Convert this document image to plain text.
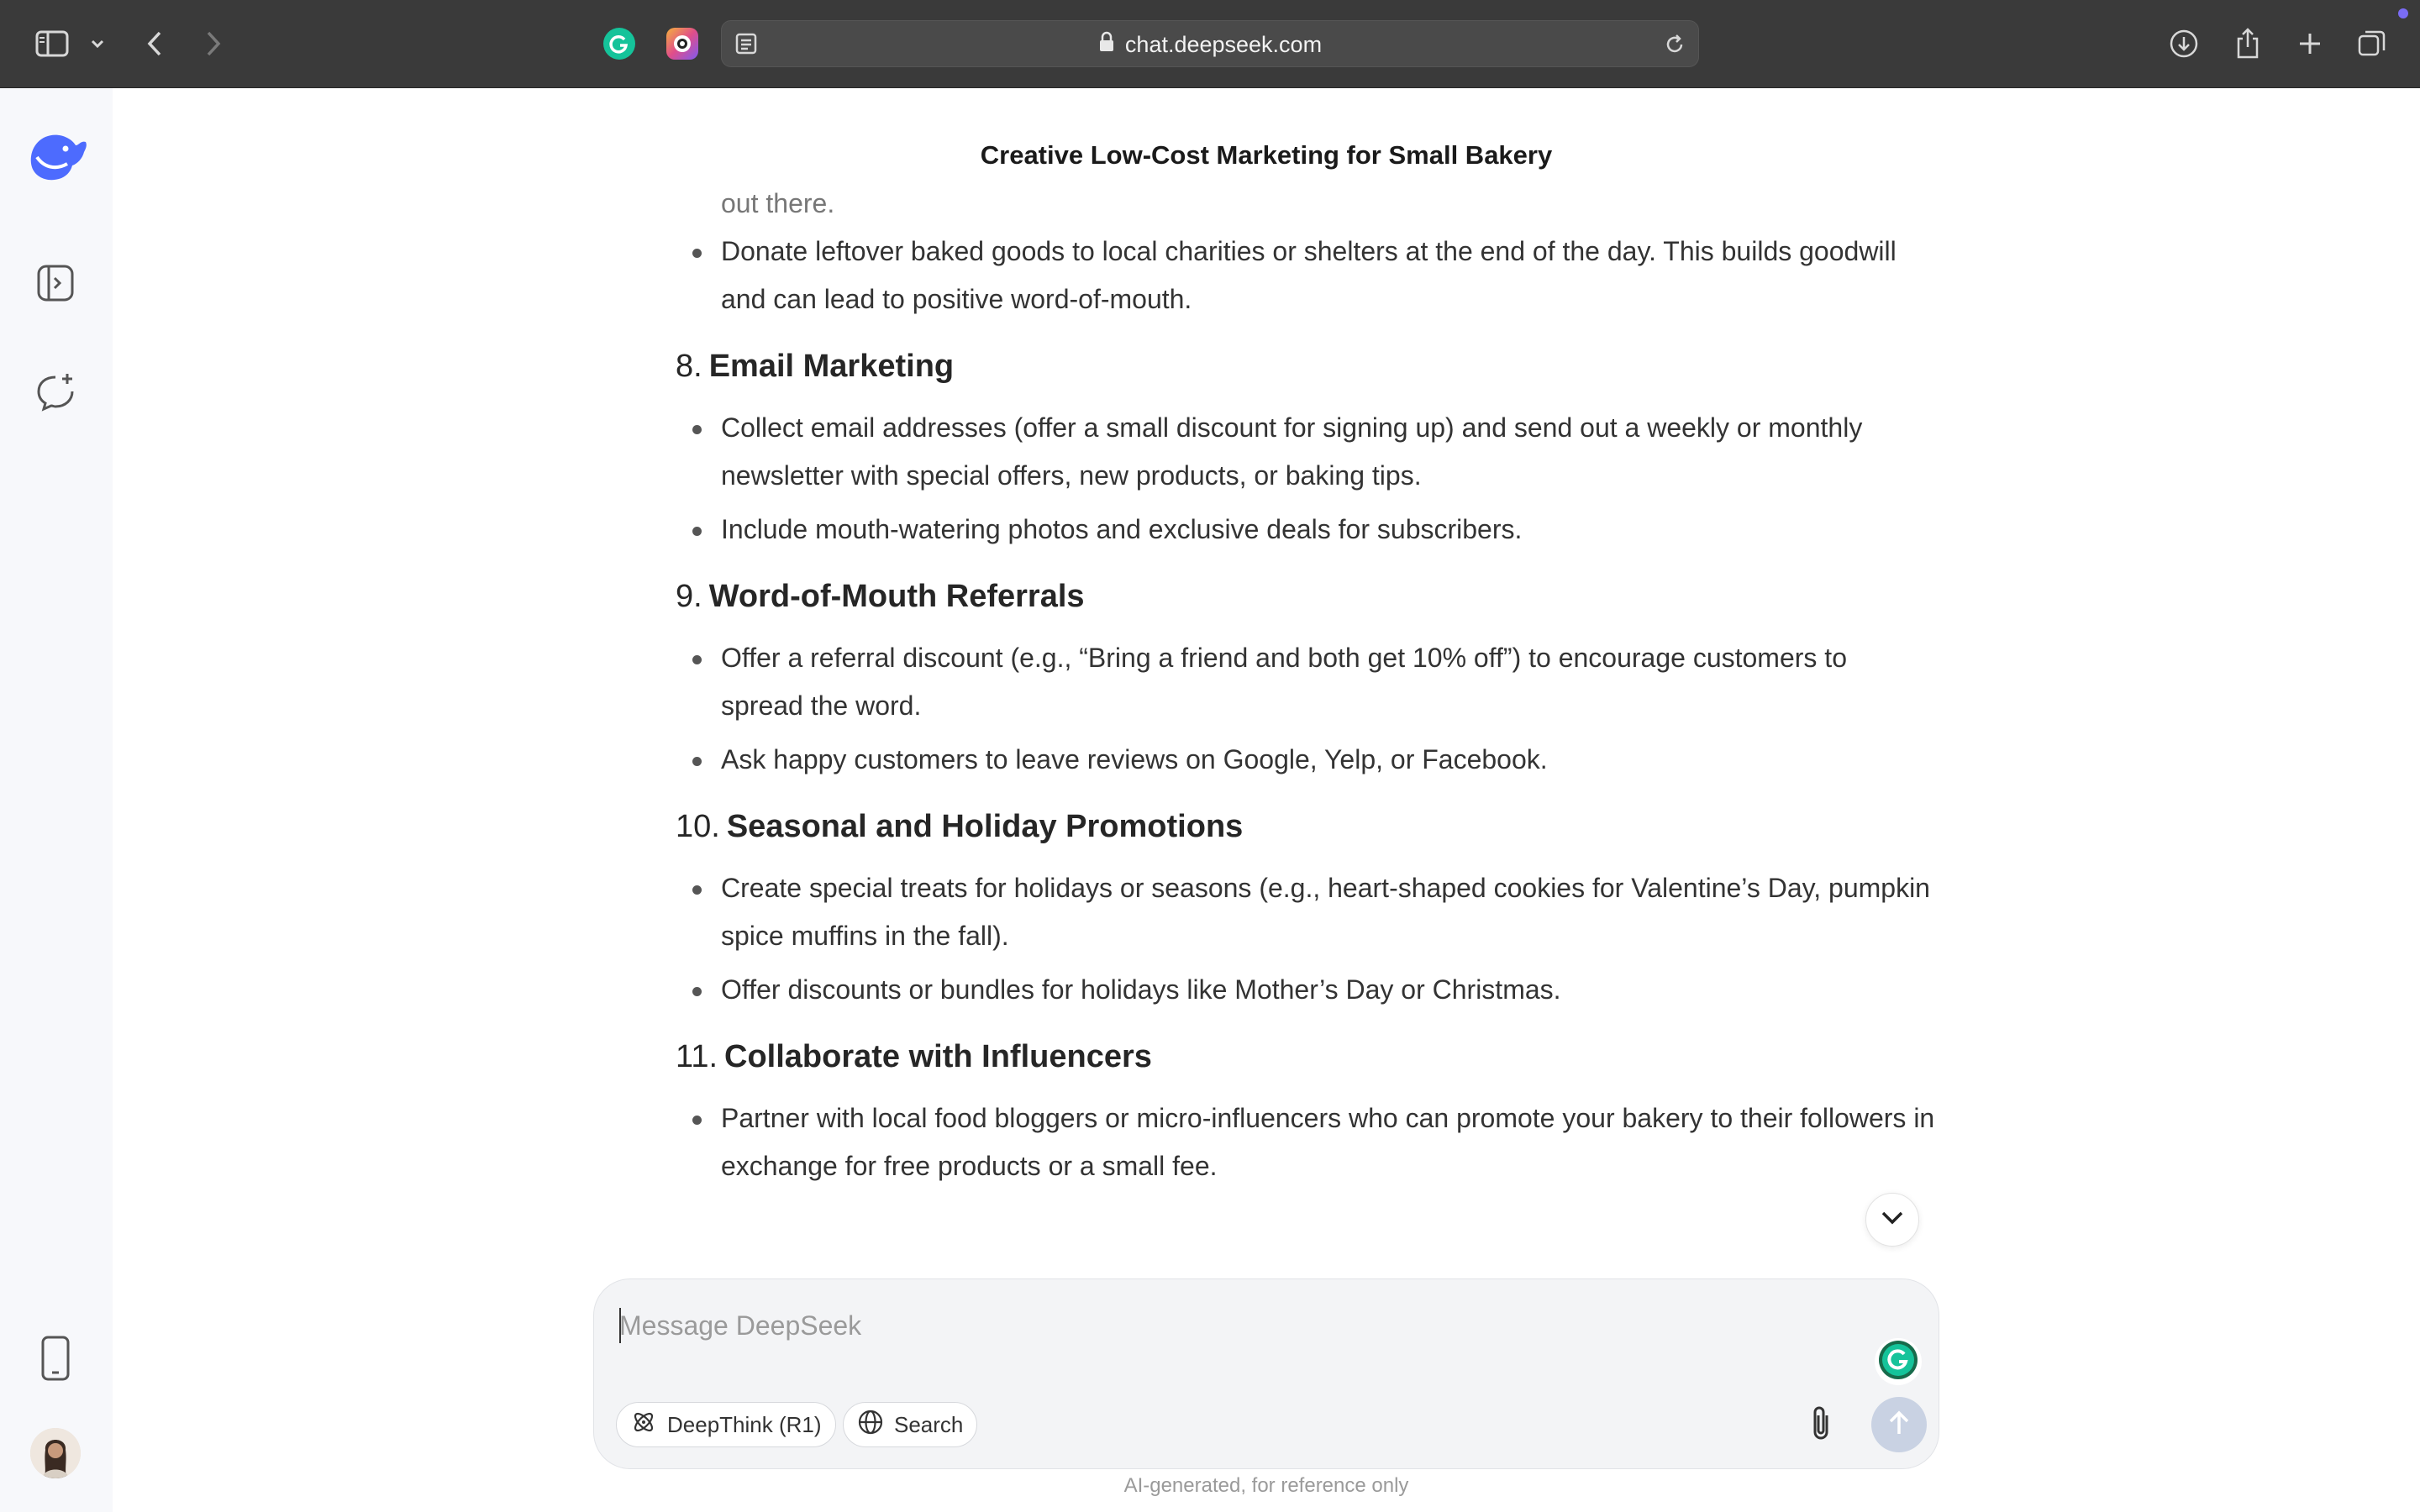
chat.deepseek.com
Creative Low-Cost Marketing for Small Bakery
out there.
Donate leftover baked goods to local charities or shelters at the end of the day. This builds goodwill and can lead to positive word-of-mouth.
8. Email Marketing
Collect email addresses (offer a small discount for signing up) and send out a weekly or monthly newsletter with special offers, new products, or baking tips.
Include mouth-watering photos and exclusive deals for subscribers.
9. Word-of-Mouth Referrals
Offer a referral discount (e.g., “Bring a friend and both get 10% off”) to encourage customers to spread the word.
Ask happy customers to leave reviews on Google, Yelp, or Facebook.
10. Seasonal and Holiday Promotions
Create special treats for holidays or seasons (e.g., heart-shaped cookies for Valentine’s Day, pumpkin spice muffins in the fall).
Offer discounts or bundles for holidays like Mother’s Day or Christmas.
11. Collaborate with Influencers
Partner with local food bloggers or micro-influencers who can promote your bakery to their followers in exchange for free products or a small fee.
Message DeepSeek
DeepThink (R1)	Search
AI-generated, for reference only
